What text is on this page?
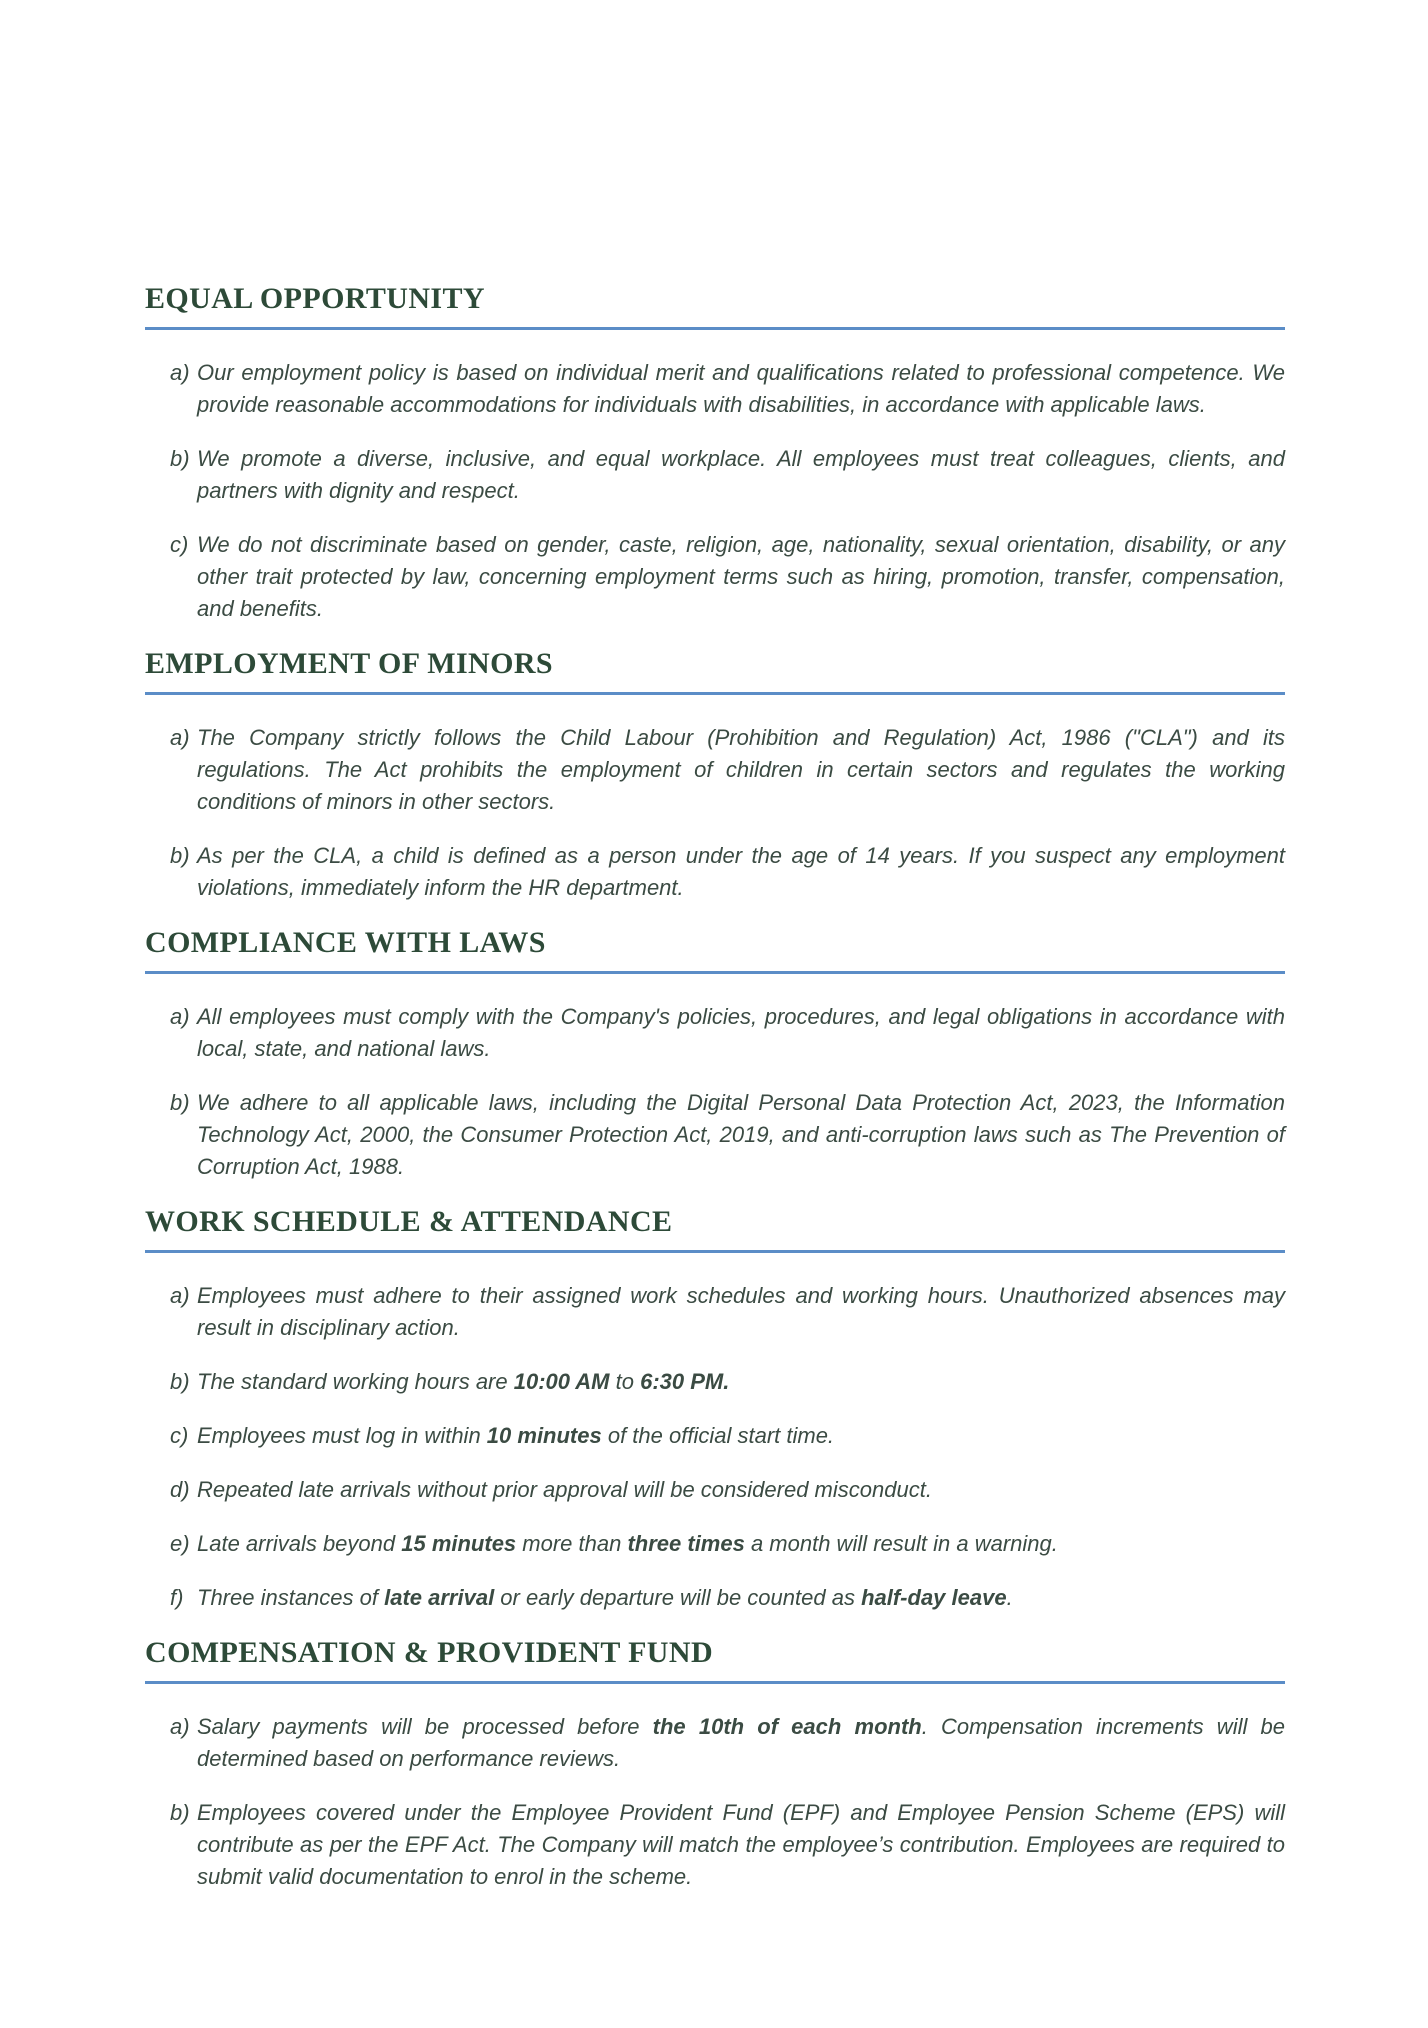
EQUAL OPPORTUNITY
a) Our employment policy is based on individual merit and qualifications related to professional competence. We provide reasonable accommodations for individuals with disabilities, in accordance with applicable laws.

b) We promote a diverse, inclusive, and equal workplace. All employees must treat colleagues, clients, and partners with dignity and respect.

c) We do not discriminate based on gender, caste, religion, age, nationality, sexual orientation, disability, or any other trait protected by law, concerning employment terms such as hiring, promotion, transfer, compensation, and benefits.

EMPLOYMENT OF MINORS
a) The Company strictly follows the Child Labour (Prohibition and Regulation) Act, 1986 ("CLA") and its regulations. The Act prohibits the employment of children in certain sectors and regulates the working conditions of minors in other sectors.

b) As per the CLA, a child is defined as a person under the age of 14 years. If you suspect any employment violations, immediately inform the HR department.

COMPLIANCE WITH LAWS
a) All employees must comply with the Company's policies, procedures, and legal obligations in accordance with local, state, and national laws.

b) We adhere to all applicable laws, including the Digital Personal Data Protection Act, 2023, the Information Technology Act, 2000, the Consumer Protection Act, 2019, and anti-corruption laws such as The Prevention of Corruption Act, 1988.

WORK SCHEDULE & ATTENDANCE
a) Employees must adhere to their assigned work schedules and working hours. Unauthorized absences may result in disciplinary action.

b) The standard working hours are 10:00 AM to 6:30 PM.

c) Employees must log in within 10 minutes of the official start time.

d) Repeated late arrivals without prior approval will be considered misconduct.

e) Late arrivals beyond 15 minutes more than three times a month will result in a warning.

f) Three instances of late arrival or early departure will be counted as half-day leave.

COMPENSATION & PROVIDENT FUND
a) Salary payments will be processed before the 10th of each month. Compensation increments will be determined based on performance reviews.

b) Employees covered under the Employee Provident Fund (EPF) and Employee Pension Scheme (EPS) will contribute as per the EPF Act. The Company will match the employee’s contribution. Employees are required to submit valid documentation to enrol in the scheme.
